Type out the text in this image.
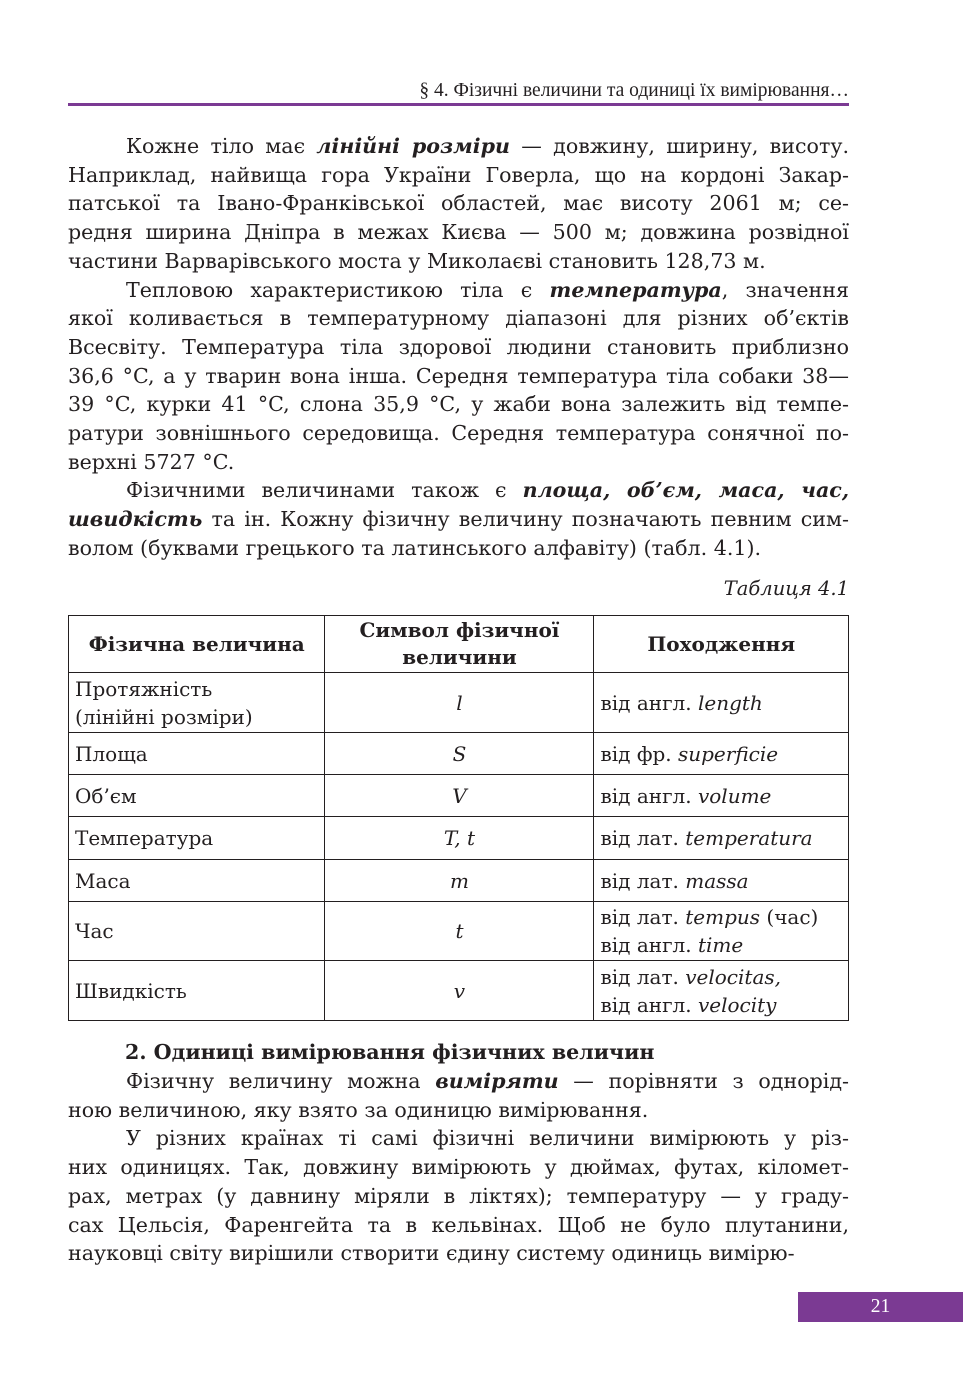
§ 4. Фізичні величини та одиниці їх вимірювання…

Кожне тіло має лінійні розміри — довжину, ширину, висоту.
Наприклад, найвища гора України Говерла, що на кордоні Закар-
патської та Івано-Франківської областей, має висоту 2061 м; се-
редня ширина Дніпра в межах Києва — 500 м; довжина розвідної
частини Варварівського моста у Миколаєві становить 128,73 м.

Тепловою характеристикою тіла є температура, значення
якої коливається в температурному діапазоні для різних об’єктів
Всесвіту. Температура тіла здорової людини становить приблизно
36,6 °C, а у тварин вона інша. Середня температура тіла собаки 38—
39 °C, курки 41 °C, слона 35,9 °C, у жаби вона залежить від темпе-
ратури зовнішнього середовища. Середня температура сонячної по-
верхні 5727 °C.

Фізичними величинами також є площа, об’єм, маса, час,
швидкість та ін. Кожну фізичну величину позначають певним сим-
волом (буквами грецького та латинського алфавіту) (табл. 4.1).

Таблиця 4.1
Фізична величина	Символ фізичної величини	Походження
Протяжність
(лінійні розміри)	l	від англ. length
Площа	S	від фр. superficie
Об’єм	V	від англ. volume
Температура	T, t	від лат. temperatura
Маса	m	від лат. massa
Час	t	від лат. tempus (час)
від англ. time
Швидкість	v	від лат. velocitas,
від англ. velocity
2. Одиниці вимірювання фізичних величин

Фізичну величину можна виміряти — порівняти з однорід-
ною величиною, яку взято за одиницю вимірювання.

У різних країнах ті самі фізичні величини вимірюють у різ-
них одиницях. Так, довжину вимірюють у дюймах, футах, кіломет-
рах, метрах (у давнину міряли в ліктях); температуру — у граду-
сах Цельсія, Фаренгейта та в кельвінах. Щоб не було плутанини,
науковці світу вирішили створити єдину систему одиниць вимірю-

21
